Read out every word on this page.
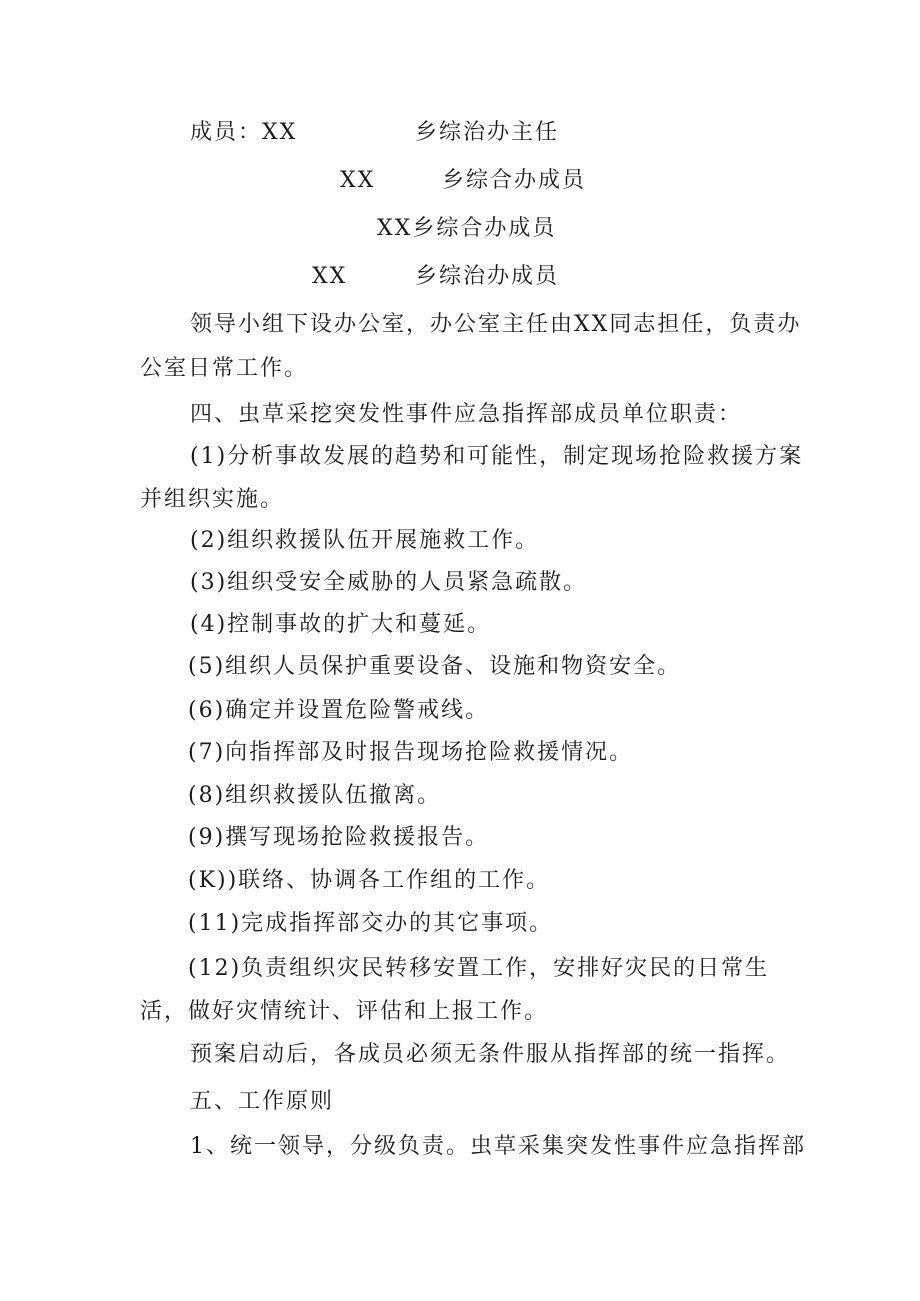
成员：XX	乡综治办主任
XX	乡综合办成员
XX乡综合办成员
XX	乡综治办成员
领导小组下设办公室，办公室主任由XX同志担任，负责办
公室日常工作。
四、虫草采挖突发性事件应急指挥部成员单位职责：
(1)分析事故发展的趋势和可能性，制定现场抢险救援方案
并组织实施。
(2)组织救援队伍开展施救工作。
(3)组织受安全威胁的人员紧急疏散。
(4)控制事故的扩大和蔓延。
(5)组织人员保护重要设备、设施和物资安全。
(6)确定并设置危险警戒线。
(7)向指挥部及时报告现场抢险救援情况。
(8)组织救援队伍撤离。
(9)撰写现场抢险救援报告。
(K))联络、协调各工作组的工作。
(11)完成指挥部交办的其它事项。
(12)负责组织灾民转移安置工作，安排好灾民的日常生
活，做好灾情统计、评估和上报工作。
预案启动后，各成员必须无条件服从指挥部的统一指挥。
五、工作原则
1、统一领导，分级负责。虫草采集突发性事件应急指挥部
